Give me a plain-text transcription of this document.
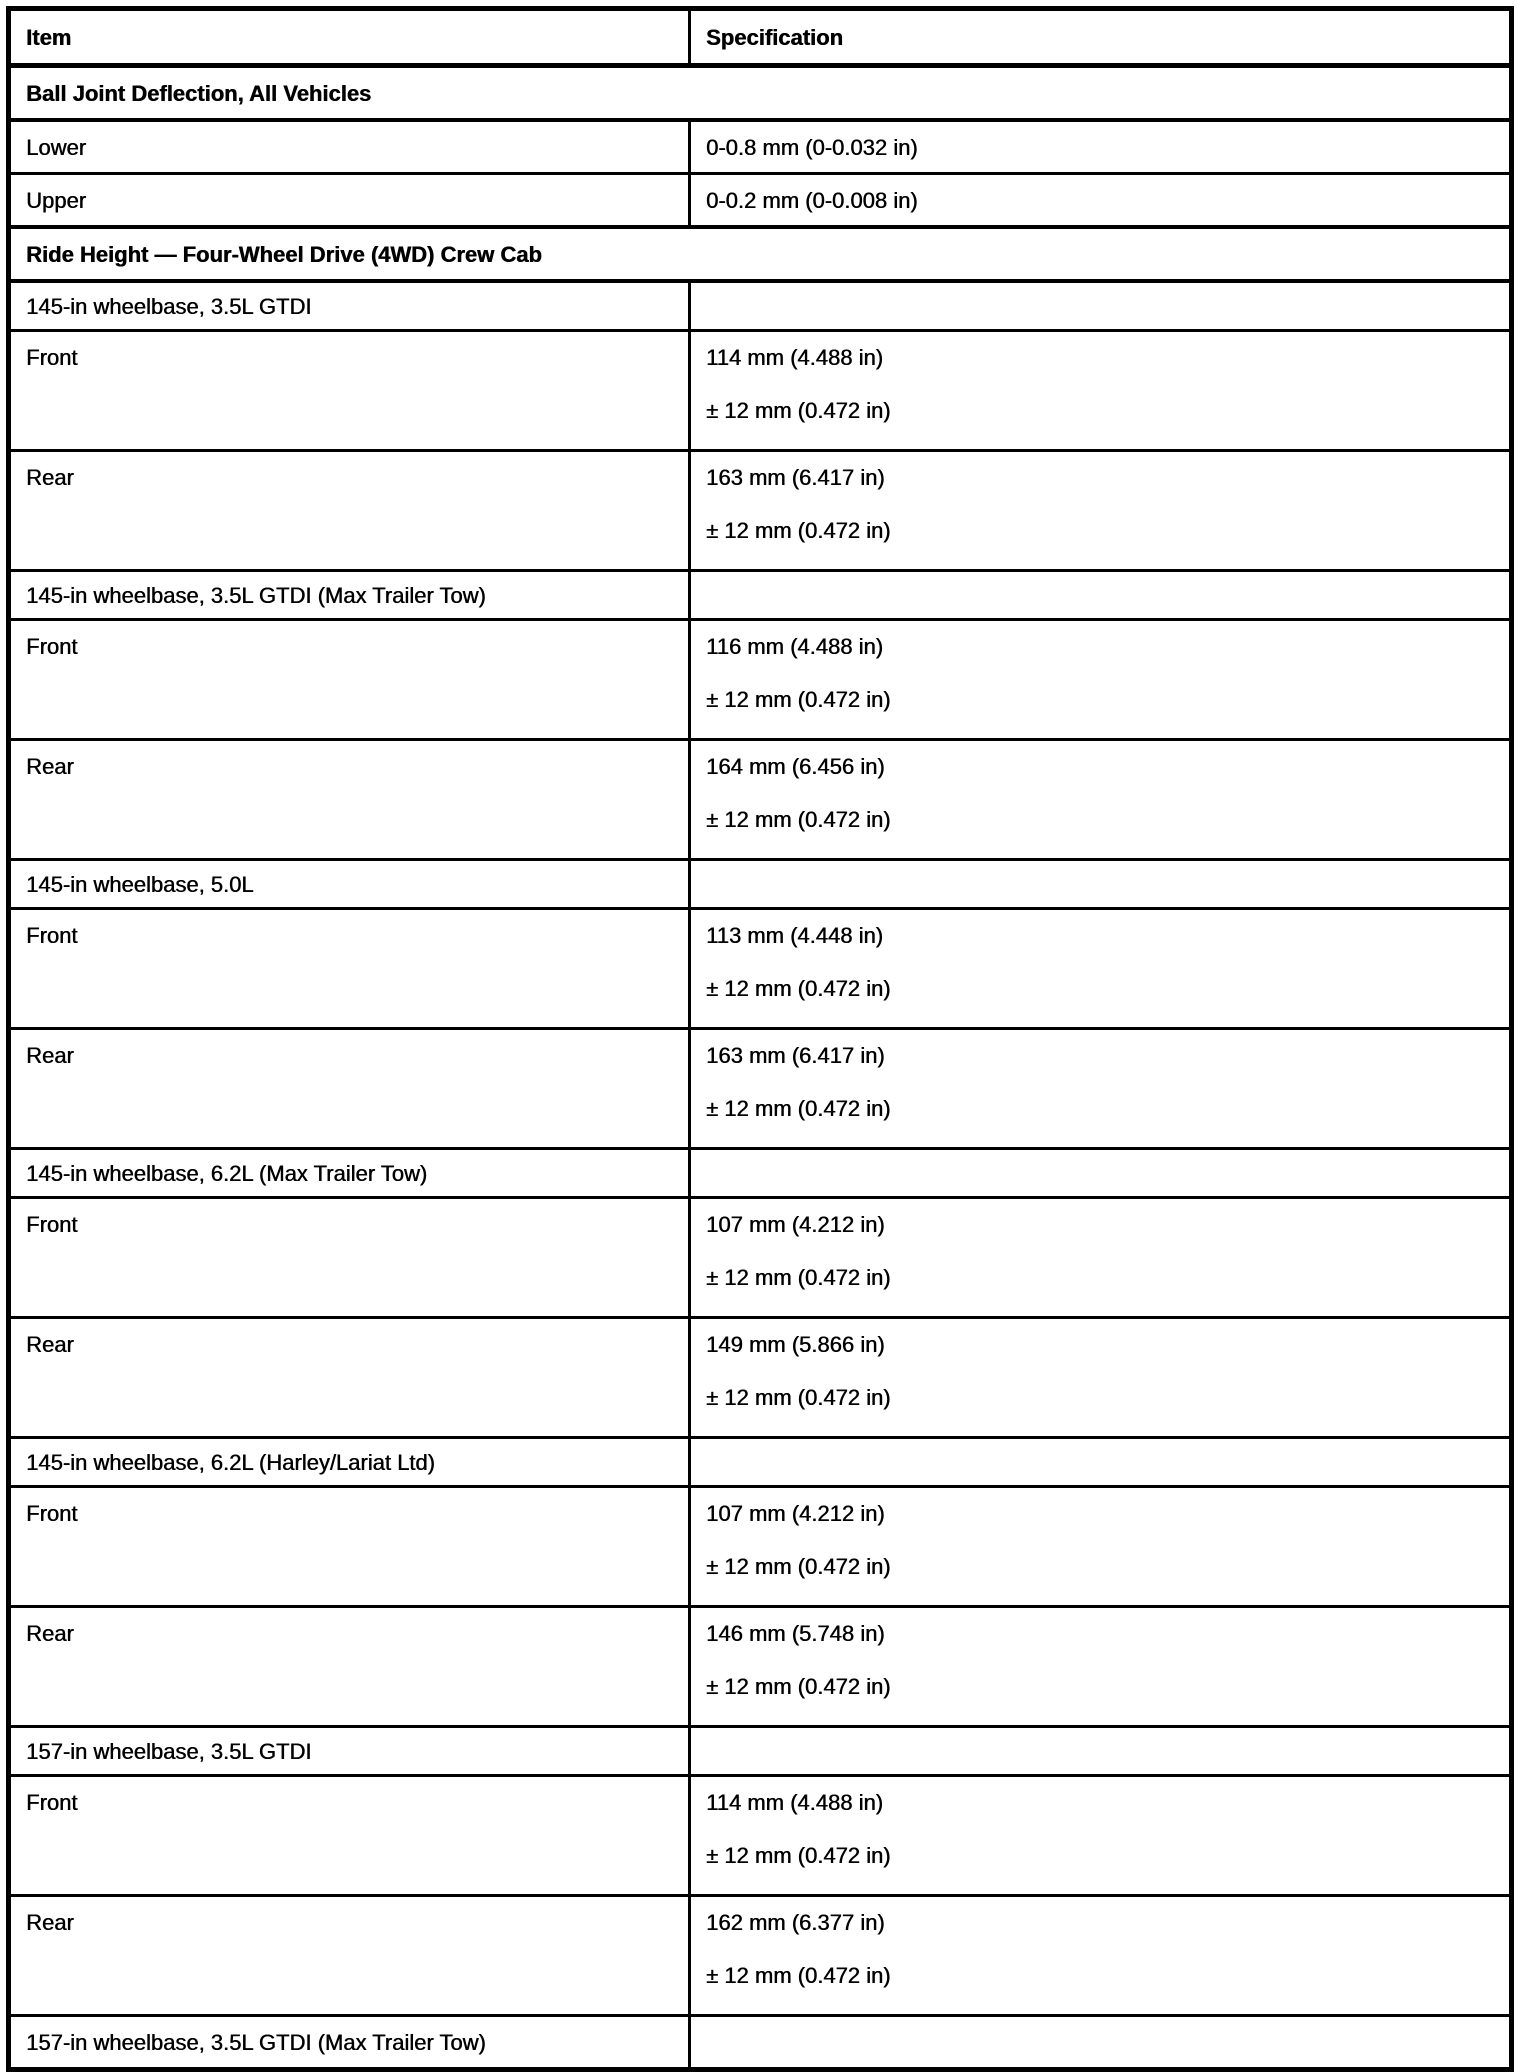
Item	Specification
Ball Joint Deflection, All Vehicles	
Lower	0-0.8 mm (0-0.032 in)

Upper	0-0.2 mm (0-0.008 in)

Ride Height — Four-Wheel Drive (4WD) Crew Cab	
145-in wheelbase, 3.5L GTDI	
Front	114 mm (4.488 in)
± 12 mm (0.472 in)

Rear	163 mm (6.417 in)
± 12 mm (0.472 in)

145-in wheelbase, 3.5L GTDI (Max Trailer Tow)	
Front	116 mm (4.488 in)
± 12 mm (0.472 in)

Rear	164 mm (6.456 in)
± 12 mm (0.472 in)

145-in wheelbase, 5.0L	
Front	113 mm (4.448 in)
± 12 mm (0.472 in)

Rear	163 mm (6.417 in)
± 12 mm (0.472 in)

145-in wheelbase, 6.2L (Max Trailer Tow)	
Front	107 mm (4.212 in)
± 12 mm (0.472 in)

Rear	149 mm (5.866 in)
± 12 mm (0.472 in)

145-in wheelbase, 6.2L (Harley/Lariat Ltd)	
Front	107 mm (4.212 in)
± 12 mm (0.472 in)

Rear	146 mm (5.748 in)
± 12 mm (0.472 in)

157-in wheelbase, 3.5L GTDI	
Front	114 mm (4.488 in)
± 12 mm (0.472 in)

Rear	162 mm (6.377 in)
± 12 mm (0.472 in)

157-in wheelbase, 3.5L GTDI (Max Trailer Tow)	
